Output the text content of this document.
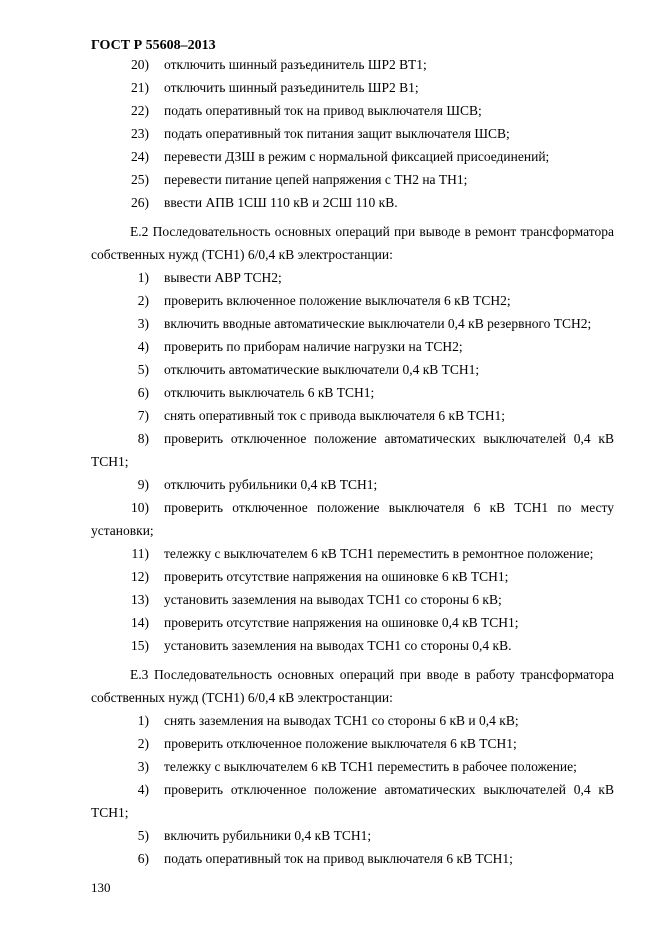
ГОСТ Р 55608–2013
20) отключить шинный разъединитель ШР2 ВТ1;
21) отключить шинный разъединитель ШР2 В1;
22) подать оперативный ток на привод выключателя ШСВ;
23) подать оперативный ток питания защит выключателя ШСВ;
24) перевести ДЗШ в режим с нормальной фиксацией присоединений;
25) перевести питание цепей напряжения с ТН2 на ТН1;
26) ввести АПВ 1СШ 110 кВ и 2СШ 110 кВ.
Е.2 Последовательность основных операций при выводе в ремонт трансформатора
собственных нужд (ТСН1) 6/0,4 кВ электростанции:
1) вывести АВР ТСН2;
2) проверить включенное положение выключателя 6 кВ ТСН2;
3) включить вводные автоматические выключатели 0,4 кВ резервного ТСН2;
4) проверить по приборам наличие нагрузки на ТСН2;
5) отключить автоматические выключатели 0,4 кВ ТСН1;
6) отключить выключатель 6 кВ ТСН1;
7) снять оперативный ток с привода выключателя 6 кВ ТСН1;
8) проверить отключенное положение автоматических выключателей 0,4 кВ
ТСН1;
9) отключить рубильники 0,4 кВ ТСН1;
10) проверить отключенное положение выключателя 6 кВ ТСН1 по месту
установки;
11) тележку с выключателем 6 кВ ТСН1 переместить в ремонтное положение;
12) проверить отсутствие напряжения на ошиновке 6 кВ ТСН1;
13) установить заземления на выводах ТСН1 со стороны 6 кВ;
14) проверить отсутствие напряжения на ошиновке 0,4 кВ ТСН1;
15) установить заземления на выводах ТСН1 со стороны 0,4 кВ.
Е.3 Последовательность основных операций при вводе в работу трансформатора
собственных нужд (ТСН1) 6/0,4 кВ электростанции:
1) снять заземления на выводах ТСН1 со стороны 6 кВ и 0,4 кВ;
2) проверить отключенное положение выключателя 6 кВ ТСН1;
3) тележку с выключателем 6 кВ ТСН1 переместить в рабочее положение;
4) проверить отключенное положение автоматических выключателей 0,4 кВ
ТСН1;
5) включить рубильники 0,4 кВ ТСН1;
6) подать оперативный ток на привод выключателя 6 кВ ТСН1;
130
